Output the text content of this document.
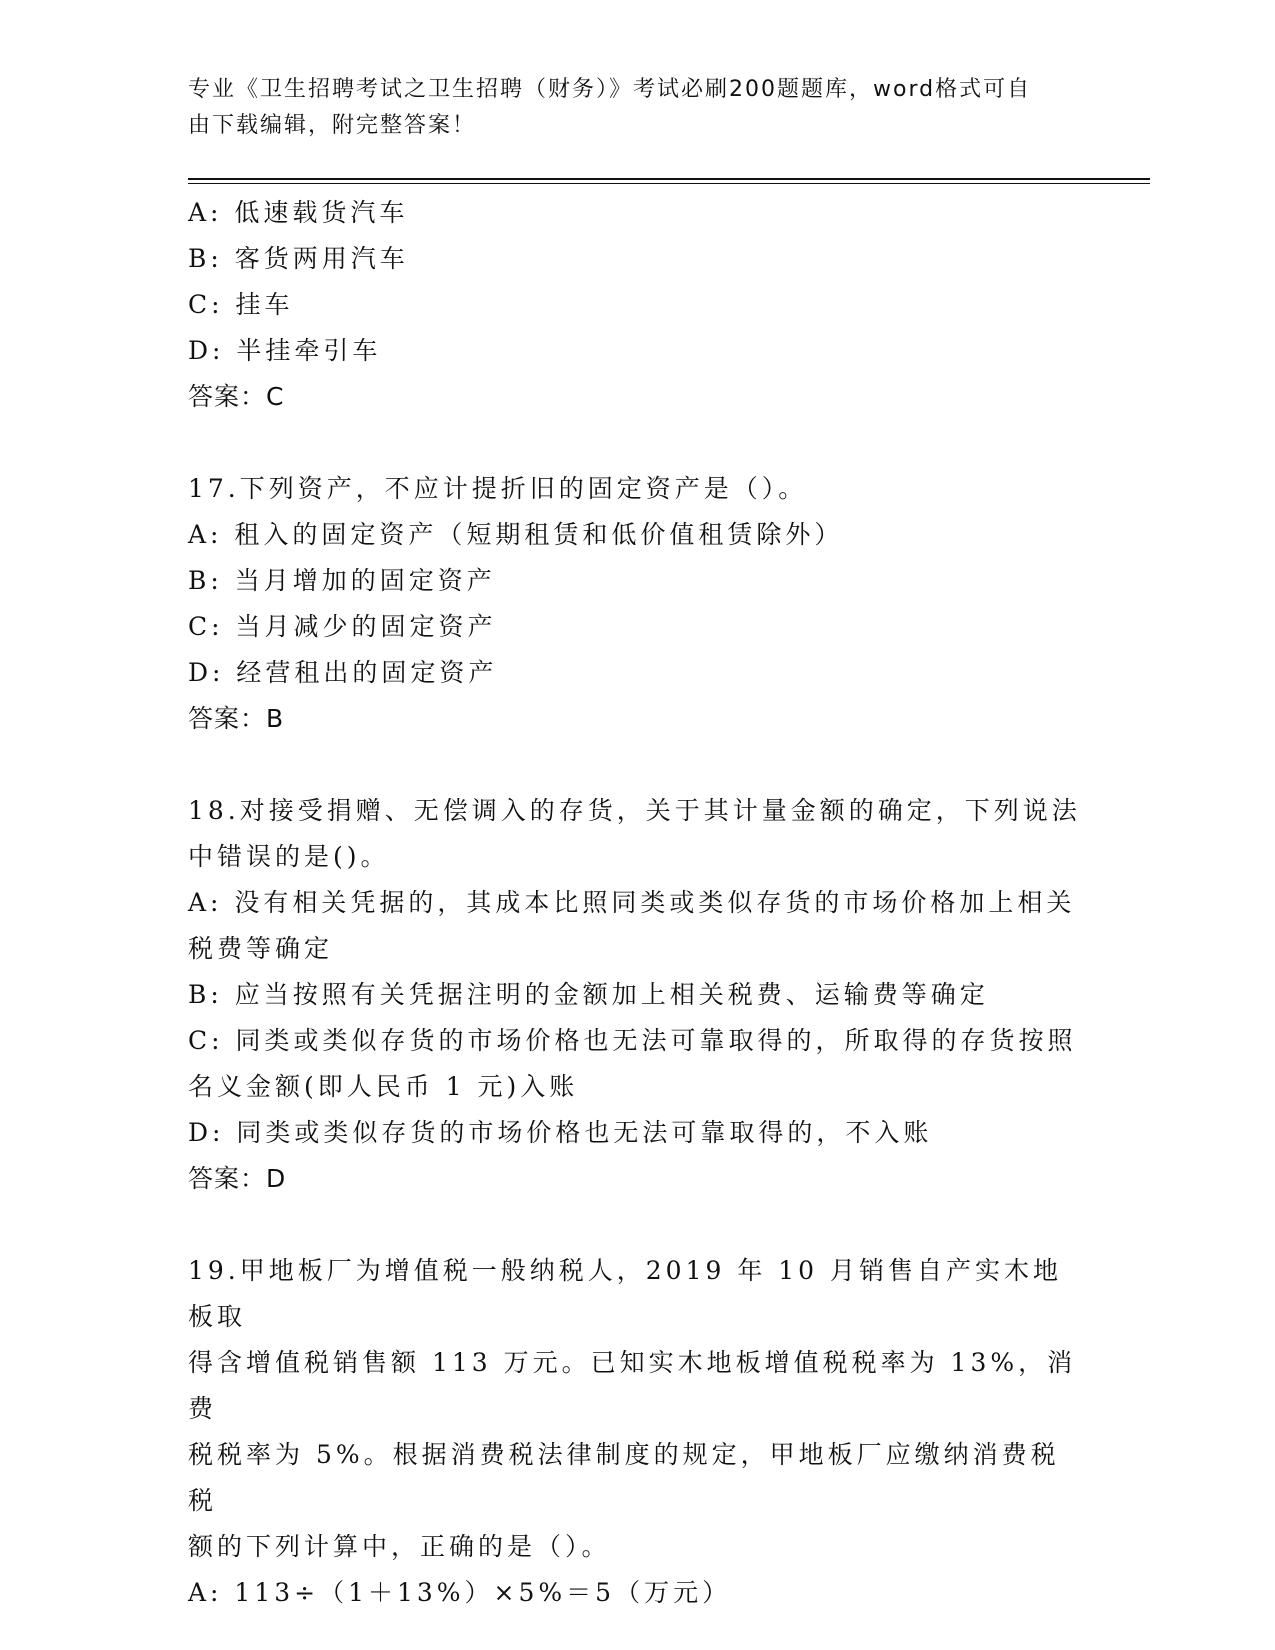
专业《卫生招聘考试之卫生招聘（财务）》考试必刷200题题库，word格式可自
由下载编辑，附完整答案！
A: 低速载货汽车
B: 客货两用汽车
C: 挂车
D: 半挂牵引车
答案：C
17.下列资产，不应计提折旧的固定资产是（）。
A: 租入的固定资产（短期租赁和低价值租赁除外）
B: 当月增加的固定资产
C: 当月减少的固定资产
D: 经营租出的固定资产
答案：B
18.对接受捐赠、无偿调入的存货，关于其计量金额的确定，下列说法
中错误的是()。
A: 没有相关凭据的，其成本比照同类或类似存货的市场价格加上相关
税费等确定
B: 应当按照有关凭据注明的金额加上相关税费、运输费等确定
C: 同类或类似存货的市场价格也无法可靠取得的，所取得的存货按照
名义金额(即人民币 1 元)入账
D: 同类或类似存货的市场价格也无法可靠取得的，不入账
答案：D
19.甲地板厂为增值税一般纳税人，2019 年 10 月销售自产实木地板取
得含增值税销售额 113 万元。已知实木地板增值税税率为 13%，消费
税税率为 5%。根据消费税法律制度的规定，甲地板厂应缴纳消费税税
额的下列计算中，正确的是（）。
A: 113÷（1＋13%）×5%＝5（万元）
